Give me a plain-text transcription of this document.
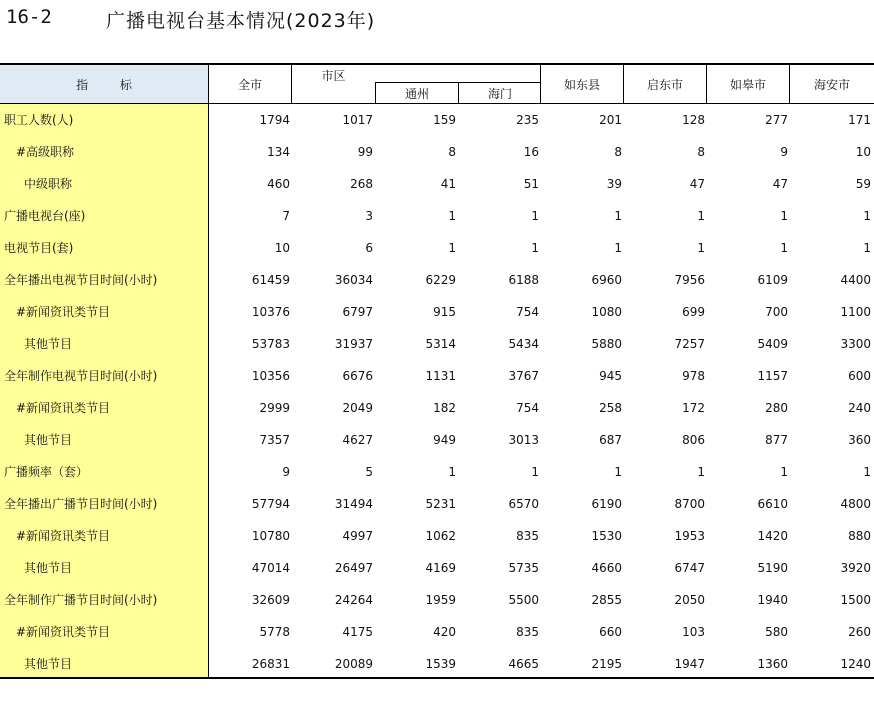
16-2	广播电视台基本情况(2023年)
指 标	全市
市区
通州	海门
如东县	启东市	如皋市	海安市
职工人数(人)	1794	1017	159	235	201	128	277	171
#高级职称	134	99	8	16	8	8	9	10
中级职称	460	268	41	51	39	47	47	59
广播电视台(座)	7	3	1	1	1	1	1	1
电视节目(套)	10	6	1	1	1	1	1	1
全年播出电视节目时间(小时)	61459	36034	6229	6188	6960	7956	6109	4400
#新闻资讯类节目	10376	6797	915	754	1080	699	700	1100
其他节目	53783	31937	5314	5434	5880	7257	5409	3300
全年制作电视节目时间(小时)	10356	6676	1131	3767	945	978	1157	600
#新闻资讯类节目	2999	2049	182	754	258	172	280	240
其他节目	7357	4627	949	3013	687	806	877	360
广播频率（套）	9	5	1	1	1	1	1	1
全年播出广播节目时间(小时)	57794	31494	5231	6570	6190	8700	6610	4800
#新闻资讯类节目	10780	4997	1062	835	1530	1953	1420	880
其他节目	47014	26497	4169	5735	4660	6747	5190	3920
全年制作广播节目时间(小时)	32609	24264	1959	5500	2855	2050	1940	1500
#新闻资讯类节目	5778	4175	420	835	660	103	580	260
其他节目	26831	20089	1539	4665	2195	1947	1360	1240
